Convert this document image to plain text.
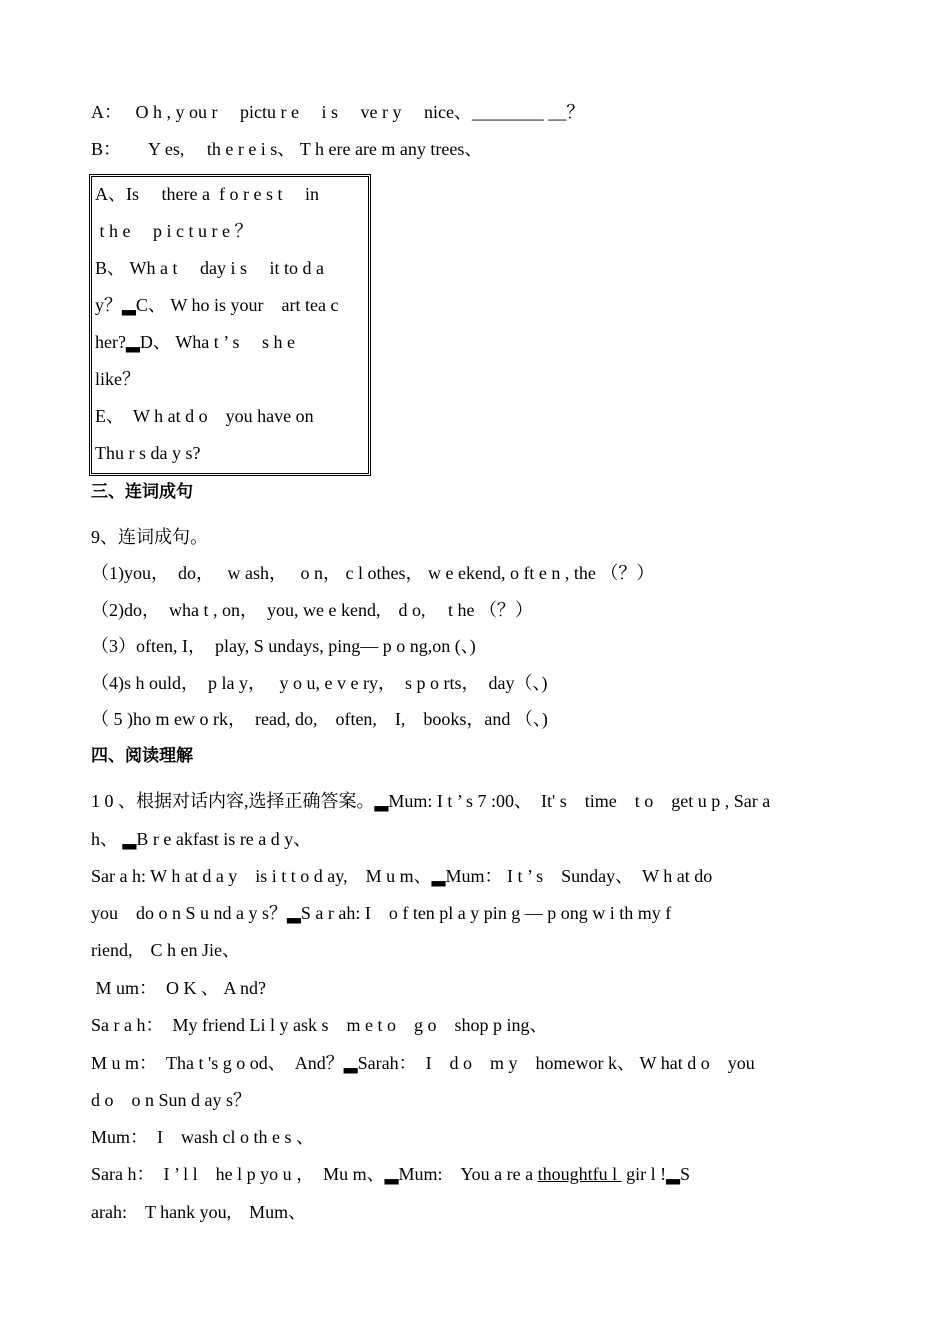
A：　 O h , y ou r 　pictu r e 　i s 　ve r y 　nice、________ __？
B：　　Y es,　 th e r e i s、 T h ere are m any trees、
A、Is 　there a  f o r e s t 　in
t h e 　p i c t u r e ？
B、 Wh a t 　day i s 　it to d a
y？▂C、 W ho is your　art tea c
her?▂D、 Wha t ’ s 　s h e
like？
E、　W h at d o　you have on
Thu r s da y s?
三、连词成句
9、连词成句。
（1)you，　do，　 w ash，　 o n， c l othes， w e ekend, o ft e n , the （？）
（2)do，　wha t , on，　you, we e kend,　d o,　 t he （？）
（3）often, I，　play, S undays, ping— p o ng,on (、)
（4)s h ould，　p la y，　 y o u, e v e ry，　s p o rts，　day（、)
（ 5 )ho m ew o rk，　read, do,　often,　I,　books，and （、)
四、阅读理解
1 0 、根据对话内容,选择正确答案。▂Mum: I t ’ s 7 :00、　It' s　time　t o　get u p , Sar a
h、 ▂B r e akfast is re a d y、
Sar a h: W h at d a y　is i t t o d ay,　M u m、▂Mum： I t ’ s　Sunday、　W h at do
you　do o n S u nd a y s？▂S a r ah: I　o f ten pl a y pin g — p ong w i th my f
riend,　C h en Jie、
M um：　O K 、 A nd?
Sa r a h：　My friend Li l y ask s　m e t o　g o　shop p ing、
M u m：　Tha t 's g o od、　And？▂Sarah：　I　d o　m y　homewor k、 W hat d o　you
d o　o n Sun d ay s？
Mum：　I　wash cl o th e s 、
Sara h：　I ’ l l　he l p yo u ，　Mu m、▂Mum:　You a re a thoughtfu l  gir l !▂S
arah:　T hank you,　Mum、
